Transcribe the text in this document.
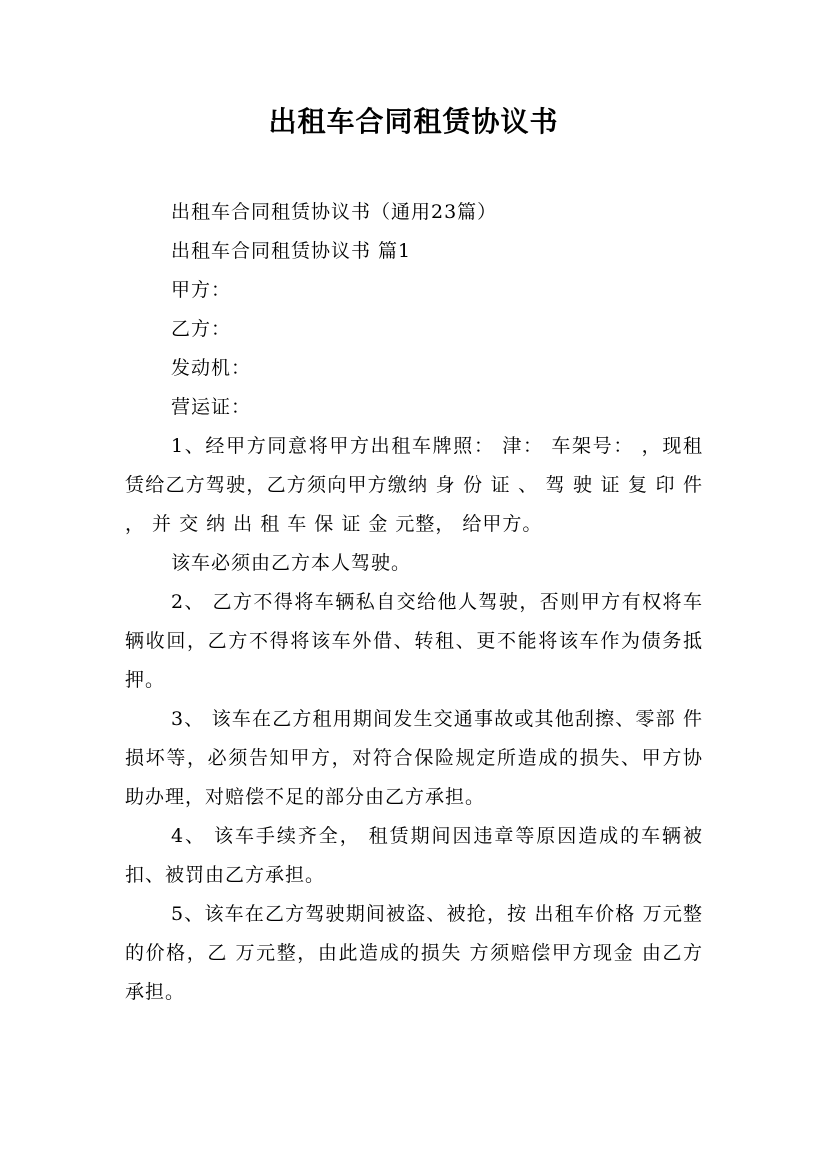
出租车合同租赁协议书

出租车合同租赁协议书（通用23篇）

出租车合同租赁协议书 篇1

甲方：

乙方：

发动机：

营运证：

1、经甲方同意将甲方出租车牌照： 津： 车架号： ，现租赁给乙方驾驶，乙方须向甲方缴纳 身 份 证 、 驾 驶 证 复 印 件 ， 并 交 纳 出 租 车 保 证 金 元整， 给甲方。

该车必须由乙方本人驾驶。

2、 乙方不得将车辆私自交给他人驾驶，否则甲方有权将车辆收回，乙方不得将该车外借、转租、更不能将该车作为债务抵押。

3、 该车在乙方租用期间发生交通事故或其他刮擦、零部 件损坏等，必须告知甲方，对符合保险规定所造成的损失、甲方协助办理，对赔偿不足的部分由乙方承担。

4、 该车手续齐全， 租赁期间因违章等原因造成的车辆被 扣、被罚由乙方承担。

5、该车在乙方驾驶期间被盗、被抢，按 出租车价格 万元整的价格，乙 万元整，由此造成的损失 方须赔偿甲方现金 由乙方承担。
